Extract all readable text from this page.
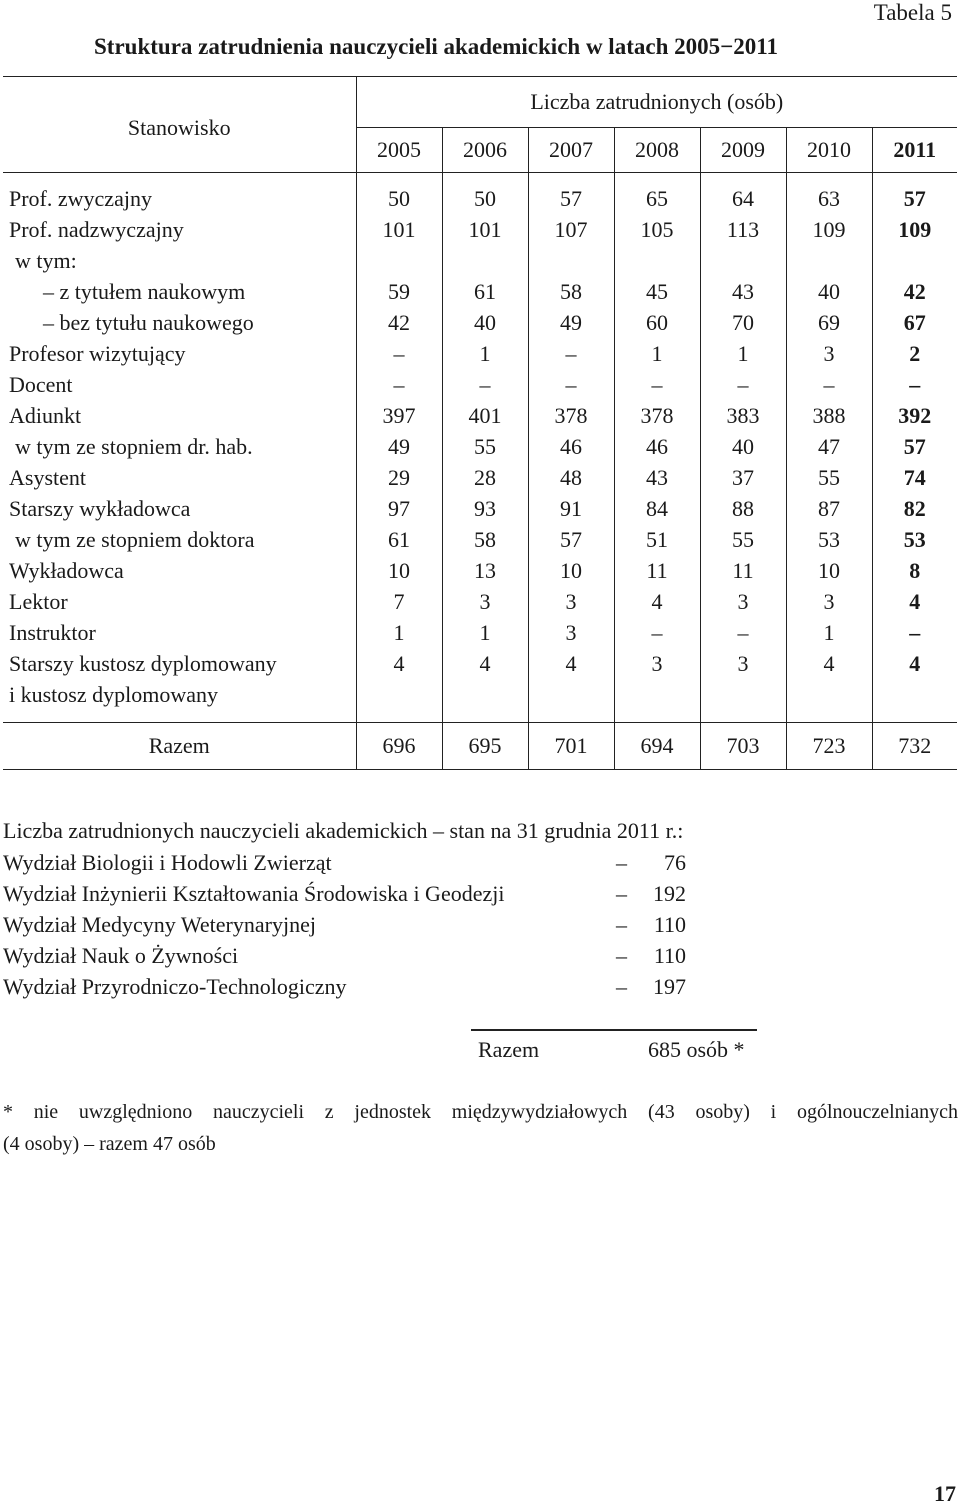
Tabela 5
Struktura zatrudnienia nauczycieli akademickich w latach 2005−2011
Stanowisko	Liczba zatrudnionych (osób)						
	2005	2006	2007	2008	2009	2010	2011
Prof. zwyczajny	50	50	57	65	64	63	57
Prof. nadzwyczajny	101	101	107	105	113	109	109
w tym:							
– z tytułem naukowym	59	61	58	45	43	40	42
– bez tytułu naukowego	42	40	49	60	70	69	67
Profesor wizytujący	–	1	–	1	1	3	2
Docent	–	–	–	–	–	–	–
Adiunkt	397	401	378	378	383	388	392
w tym ze stopniem dr. hab.	49	55	46	46	40	47	57
Asystent	29	28	48	43	37	55	74
Starszy wykładowca	97	93	91	84	88	87	82
w tym ze stopniem doktora	61	58	57	51	55	53	53
Wykładowca	10	13	10	11	11	10	8
Lektor	7	3	3	4	3	3	4
Instruktor	1	1	3	–	–	1	–
Starszy kustosz dyplomowany	4	4	4	3	3	4	4
i kustosz dyplomowany							

Razem	696	695	701	694	703	723	732
Liczba zatrudnionych nauczycieli akademickich – stan na 31 grudnia 2011 r.:
Wydział Biologii i Hodowli Zwierząt	– 76
Wydział Inżynierii Kształtowania Środowiska i Geodezji	– 192
Wydział Medycyny Weterynaryjnej	– 110
Wydział Nauk o Żywności	– 110
Wydział Przyrodniczo-Technologiczny	– 197
Razem	685 osób *
* nie uwzględniono nauczycieli z jednostek międzywydziałowych (43 osoby) i ogólnouczelnianych
(4 osoby) – razem 47 osób
17
